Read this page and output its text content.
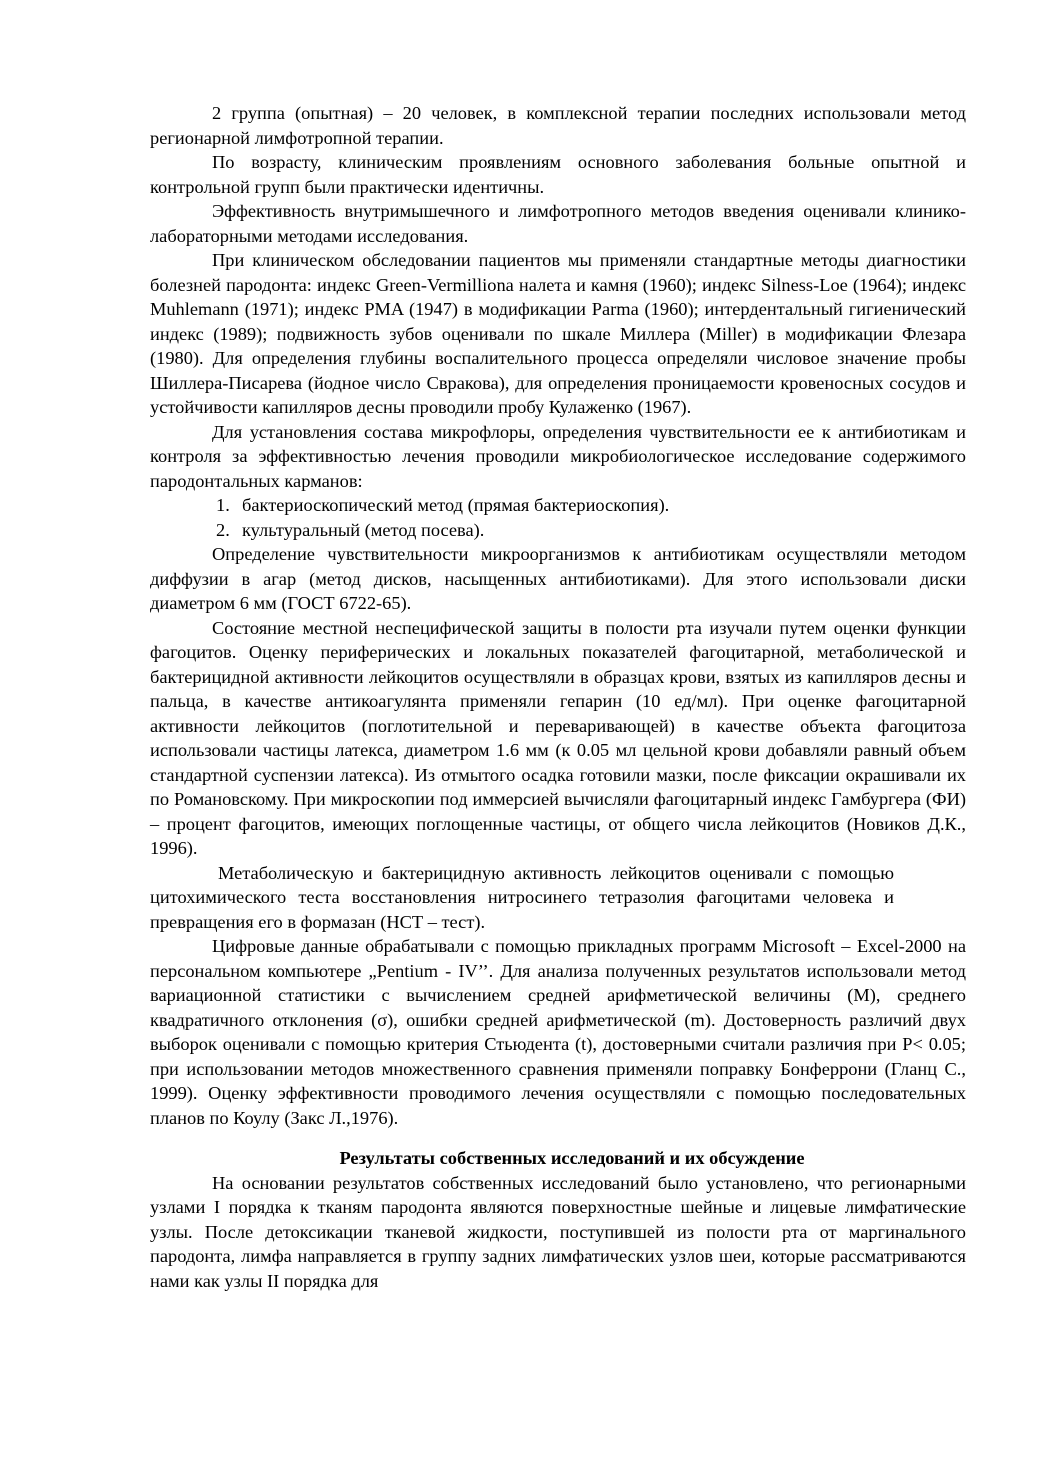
2 группа (опытная) – 20 человек, в комплексной терапии последних использовали метод регионарной лимфотропной терапии.

По возрасту, клиническим проявлениям основного заболевания больные опытной и контрольной групп были практически идентичны.

Эффективность внутримышечного и лимфотропного методов введения оценивали клинико-лабораторными методами исследования.

При клиническом обследовании пациентов мы применяли стандартные методы диагностики болезней пародонта: индекс Green-Vermilliona налета и камня (1960); индекс Silness-Loe (1964); индекс Muhlemann (1971); индекс PMA (1947) в модификации Parma (1960); интердентальный гигиенический индекс (1989); подвижность зубов оценивали по шкале Миллера (Miller) в модификации Флезара (1980). Для определения глубины воспалительного процесса определяли числовое значение пробы Шиллера-Писарева (йодное число Свракова), для определения проницаемости кровеносных сосудов и устойчивости капилляров десны проводили пробу Кулаженко (1967).

Для установления состава микрофлоры, определения чувствительности ее к антибиотикам и контроля за эффективностью лечения проводили микробиологическое исследование содержимого пародонтальных карманов:

1. бактериоскопический метод (прямая бактериоскопия).

2. культуральный (метод посева).

Определение чувствительности микроорганизмов к антибиотикам осуществляли методом диффузии в агар (метод дисков, насыщенных антибиотиками). Для этого использовали диски диаметром 6 мм (ГОСТ 6722-65).

Состояние местной неспецифической защиты в полости рта изучали путем оценки функции фагоцитов. Оценку периферических и локальных показателей фагоцитарной, метаболической и бактерицидной активности лейкоцитов осуществляли в образцах крови, взятых из капилляров десны и пальца, в качестве антикоагулянта применяли гепарин (10 ед/мл). При оценке фагоцитарной активности лейкоцитов (поглотительной и переваривающей) в качестве объекта фагоцитоза использовали частицы латекса, диаметром 1.6 мм (к 0.05 мл цельной крови добавляли равный объем стандартной суспензии латекса). Из отмытого осадка готовили мазки, после фиксации окрашивали их по Романовскому. При микроскопии под иммерсией вычисляли фагоцитарный индекс Гамбургера (ФИ) – процент фагоцитов, имеющих поглощенные частицы, от общего числа лейкоцитов (Новиков Д.К., 1996).

Метаболическую и бактерицидную активность лейкоцитов оценивали с помощью цитохимического теста восстановления нитросинего тетразолия фагоцитами человека и превращения его в формазан (НСТ – тест).

Цифровые данные обрабатывали с помощью прикладных программ Microsoft – Excel-2000 на персональном компьютере „Pentium - IV’’. Для анализа полученных результатов использовали метод вариационной статистики с вычислением средней арифметической величины (M), среднего квадратичного отклонения (σ), ошибки средней арифметической (m). Достоверность различий двух выборок оценивали с помощью критерия Стьюдента (t), достоверными считали различия при P< 0.05; при использовании методов множественного сравнения применяли поправку Бонферрони (Гланц С., 1999). Оценку эффективности проводимого лечения осуществляли с помощью последовательных планов по Коулу (Закс Л.,1976).

Результаты собственных исследований и их обсуждение

На основании результатов собственных исследований было установлено, что регионарными узлами I порядка к тканям пародонта являются поверхностные шейные и лицевые лимфатические узлы. После детоксикации тканевой жидкости, поступившей из полости рта от маргинального пародонта, лимфа направляется в группу задних лимфатических узлов шеи, которые рассматриваются нами как узлы II порядка для
